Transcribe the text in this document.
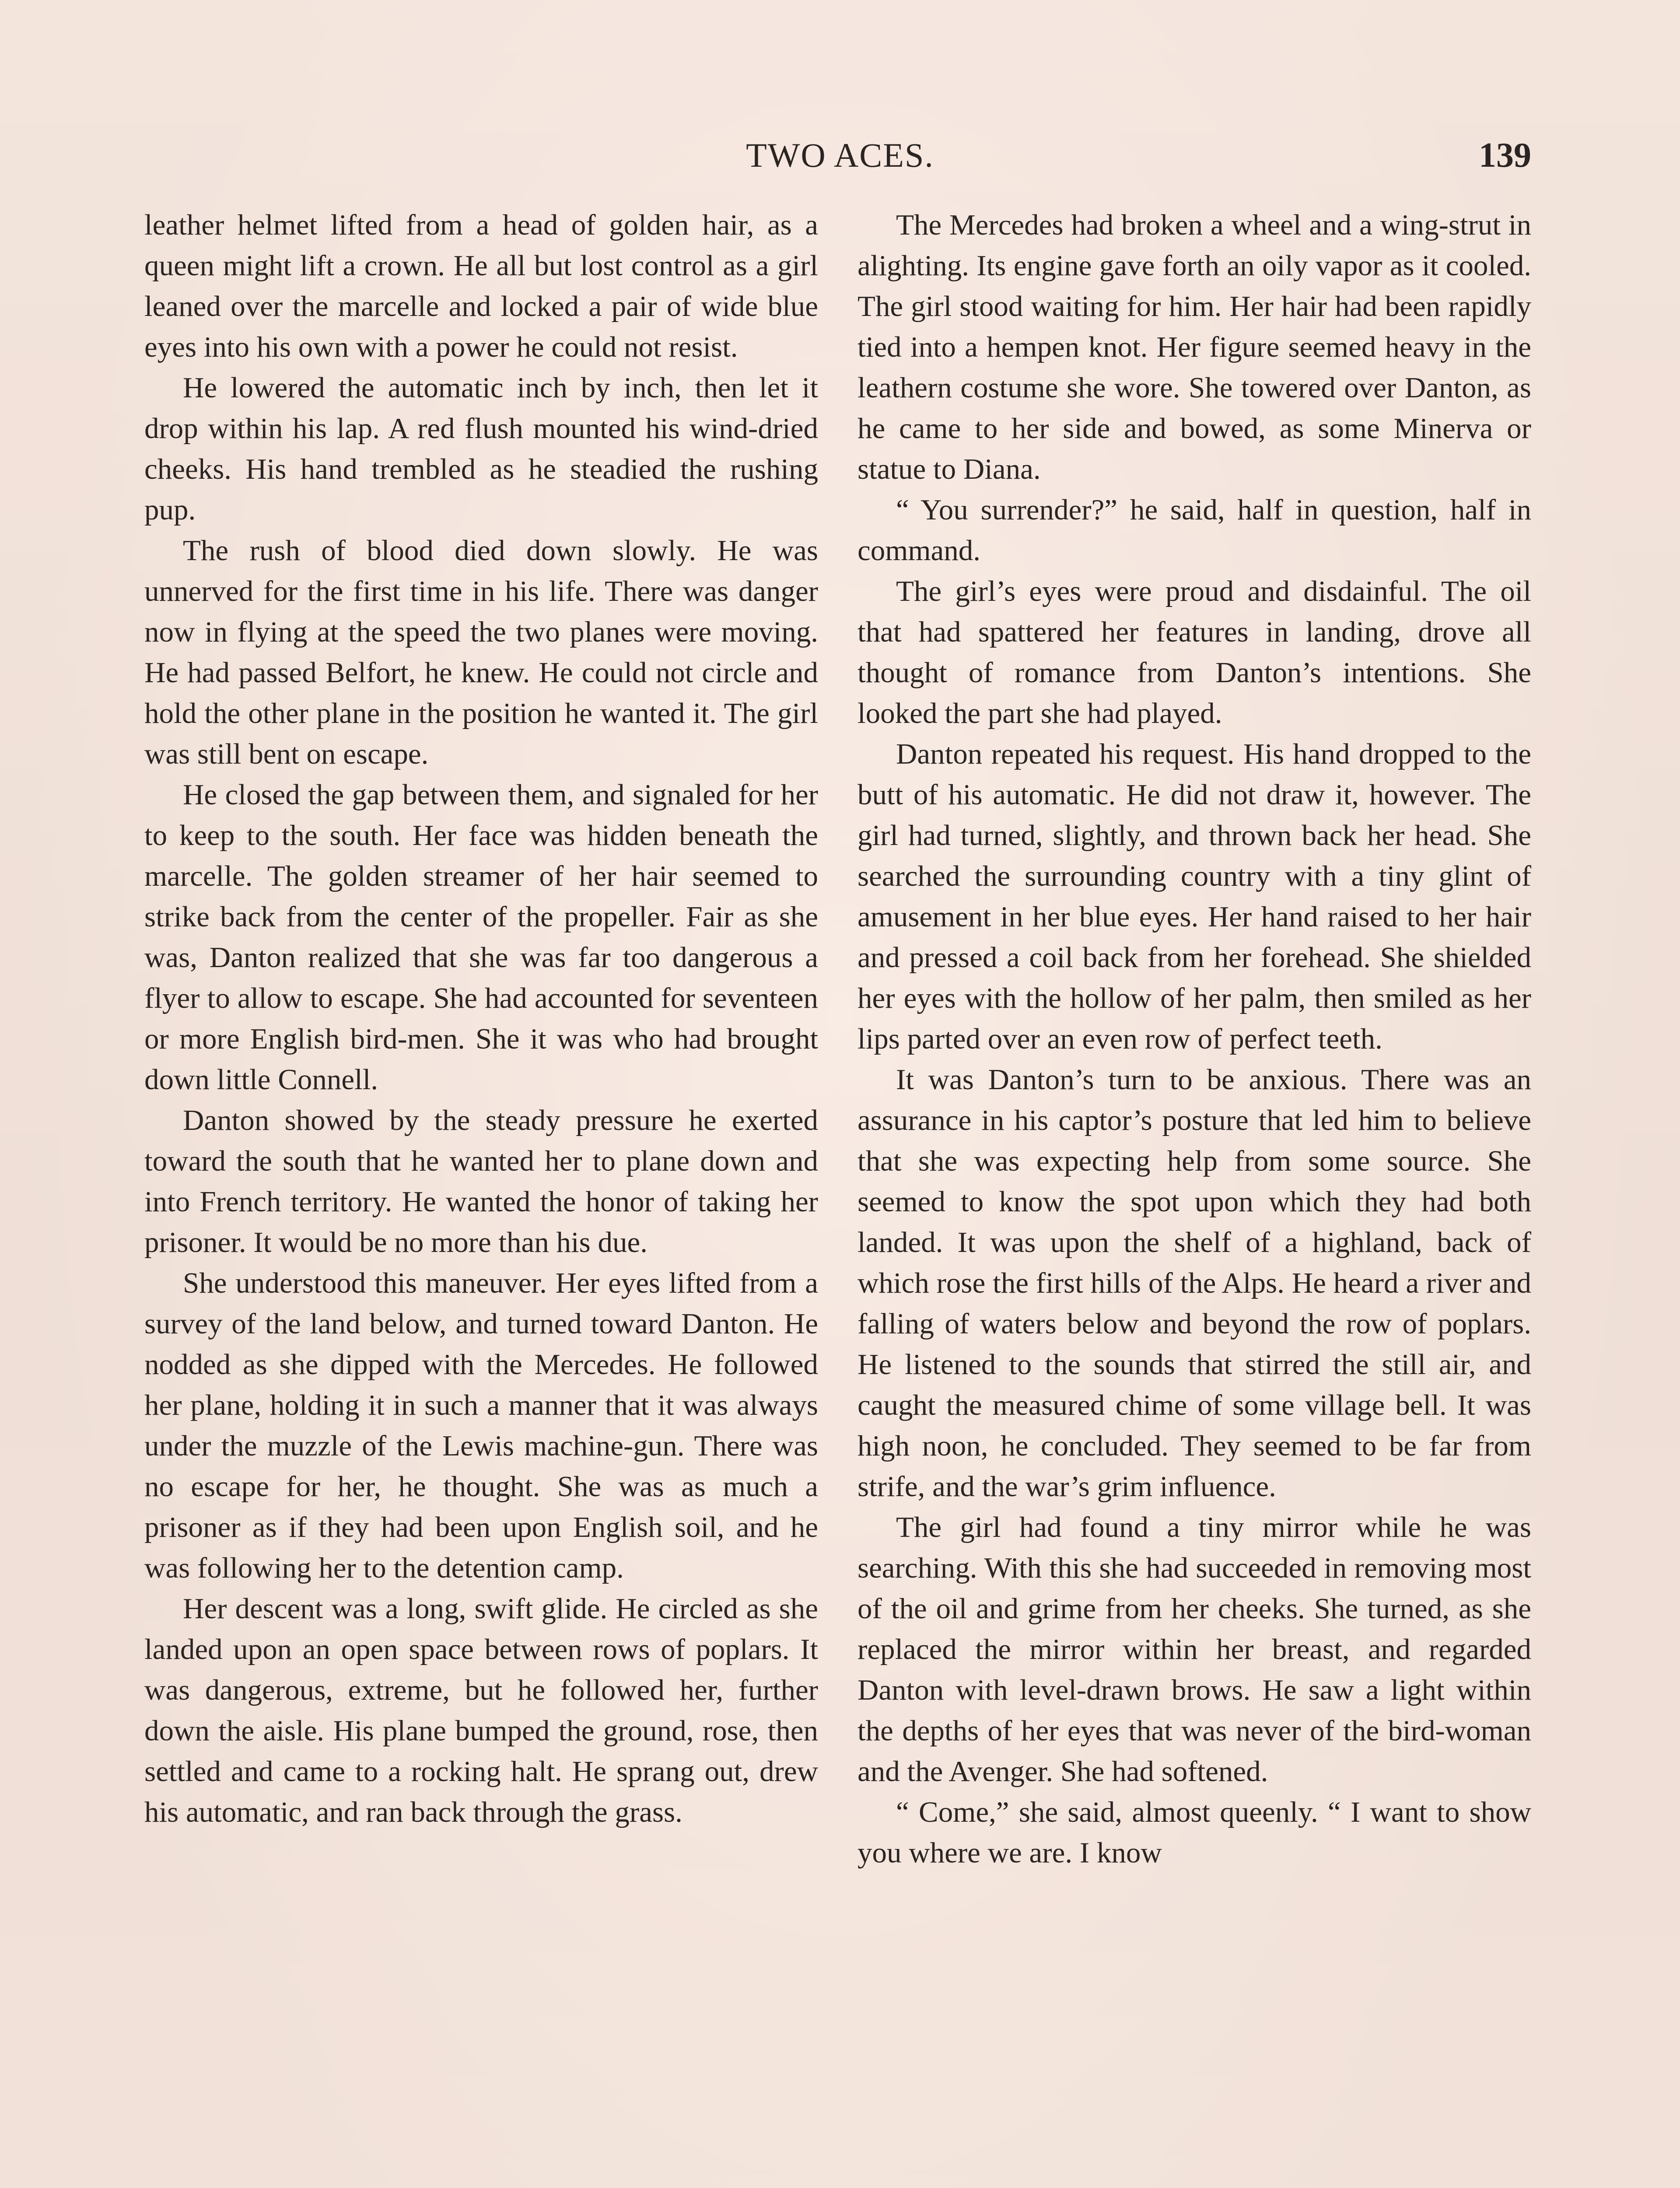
TWO ACES.	139

leather helmet lifted from a head of golden hair, as a queen might lift a crown. He all but lost control as a girl leaned over the marcelle and locked a pair of wide blue eyes into his own with a power he could not resist.

He lowered the automatic inch by inch, then let it drop within his lap. A red flush mounted his wind-dried cheeks. His hand trembled as he steadied the rushing pup.

The rush of blood died down slowly. He was unnerved for the first time in his life. There was danger now in flying at the speed the two planes were moving. He had passed Belfort, he knew. He could not circle and hold the other plane in the position he wanted it. The girl was still bent on escape.

He closed the gap between them, and signaled for her to keep to the south. Her face was hidden beneath the marcelle. The golden streamer of her hair seemed to strike back from the center of the propeller. Fair as she was, Danton realized that she was far too dangerous a flyer to allow to escape. She had accounted for seventeen or more English bird-men. She it was who had brought down little Connell.

Danton showed by the steady pressure he exerted toward the south that he wanted her to plane down and into French territory. He wanted the honor of taking her prisoner. It would be no more than his due.

She understood this maneuver. Her eyes lifted from a survey of the land below, and turned toward Danton. He nodded as she dipped with the Mercedes. He followed her plane, holding it in such a manner that it was always under the muzzle of the Lewis machine-gun. There was no escape for her, he thought. She was as much a prisoner as if they had been upon English soil, and he was following her to the detention camp.

Her descent was a long, swift glide. He circled as she landed upon an open space between rows of poplars. It was dangerous, extreme, but he followed her, further down the aisle. His plane bumped the ground, rose, then settled and came to a rocking halt. He sprang out, drew his automatic, and ran back through the grass.

The Mercedes had broken a wheel and a wing-strut in alighting. Its engine gave forth an oily vapor as it cooled. The girl stood waiting for him. Her hair had been rapidly tied into a hempen knot. Her figure seemed heavy in the leathern costume she wore. She towered over Danton, as he came to her side and bowed, as some Minerva or statue to Diana.

“ You surrender?” he said, half in question, half in command.

The girl’s eyes were proud and disdainful. The oil that had spattered her features in landing, drove all thought of romance from Danton’s intentions. She looked the part she had played.

Danton repeated his request. His hand dropped to the butt of his automatic. He did not draw it, however. The girl had turned, slightly, and thrown back her head. She searched the surrounding country with a tiny glint of amusement in her blue eyes. Her hand raised to her hair and pressed a coil back from her forehead. She shielded her eyes with the hollow of her palm, then smiled as her lips parted over an even row of perfect teeth.

It was Danton’s turn to be anxious. There was an assurance in his captor’s posture that led him to believe that she was expecting help from some source. She seemed to know the spot upon which they had both landed. It was upon the shelf of a highland, back of which rose the first hills of the Alps. He heard a river and falling of waters below and beyond the row of poplars. He listened to the sounds that stirred the still air, and caught the measured chime of some village bell. It was high noon, he concluded. They seemed to be far from strife, and the war’s grim influence.

The girl had found a tiny mirror while he was searching. With this she had succeeded in removing most of the oil and grime from her cheeks. She turned, as she replaced the mirror within her breast, and regarded Danton with level-drawn brows. He saw a light within the depths of her eyes that was never of the bird-woman and the Avenger. She had softened.

“ Come,” she said, almost queenly. “ I want to show you where we are. I know
